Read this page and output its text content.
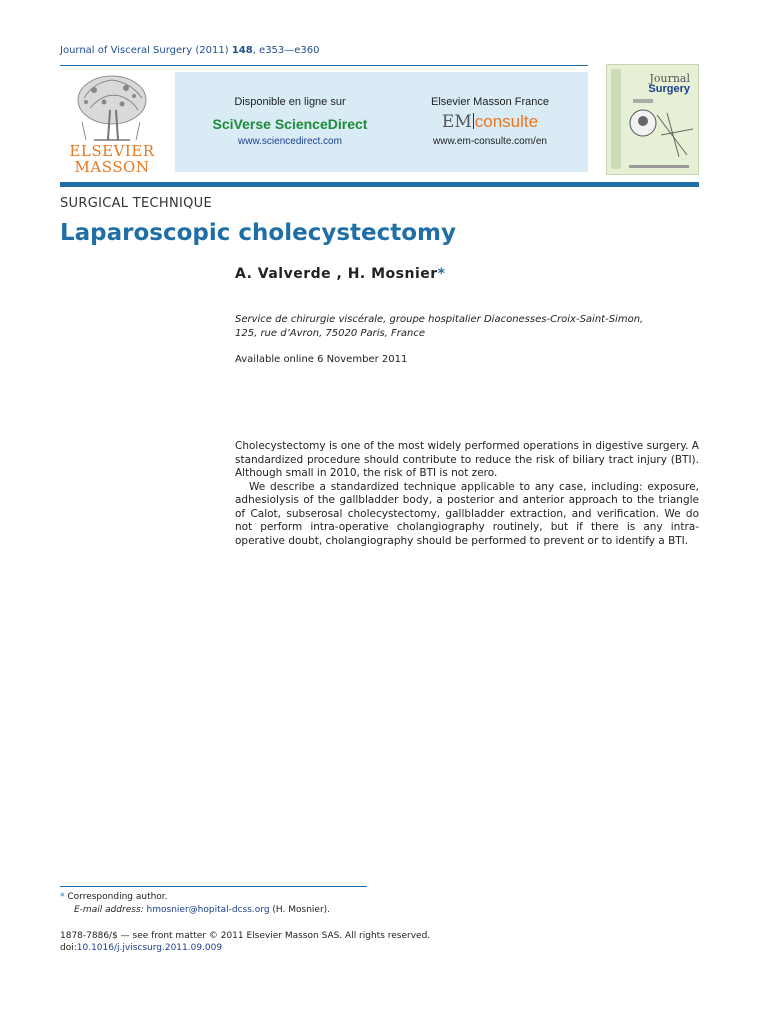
Journal of Visceral Surgery (2011) 148, e353—e360
ELSEVIER
MASSON
Disponible en ligne sur
SciVerse ScienceDirect
www.sciencedirect.com
Elsevier Masson France
EM consulte
www.em-consulte.com/en
Journal
Surgery
SURGICAL TECHNIQUE
Laparoscopic cholecystectomy
A. Valverde , H. Mosnier*
Service de chirurgie viscérale, groupe hospitalier Diaconesses-Croix-Saint-Simon,
125, rue d’Avron, 75020 Paris, France
Available online 6 November 2011

Cholecystectomy is one of the most widely performed operations in digestive surgery. A standardized procedure should contribute to reduce the risk of biliary tract injury (BTI). Although small in 2010, the risk of BTI is not zero.

We describe a standardized technique applicable to any case, including: exposure, adhesiolysis of the gallbladder body, a posterior and anterior approach to the triangle of Calot, subserosal cholecystectomy, gallbladder extraction, and verification. We do not perform intra-operative cholangiography routinely, but if there is any intra-operative doubt, cholangiography should be performed to prevent or to identify a BTI.

* Corresponding author.
E-mail address: hmosnier@hopital-dcss.org (H. Mosnier).
1878-7886/$ — see front matter © 2011 Elsevier Masson SAS. All rights reserved.
doi:10.1016/j.jviscsurg.2011.09.009
